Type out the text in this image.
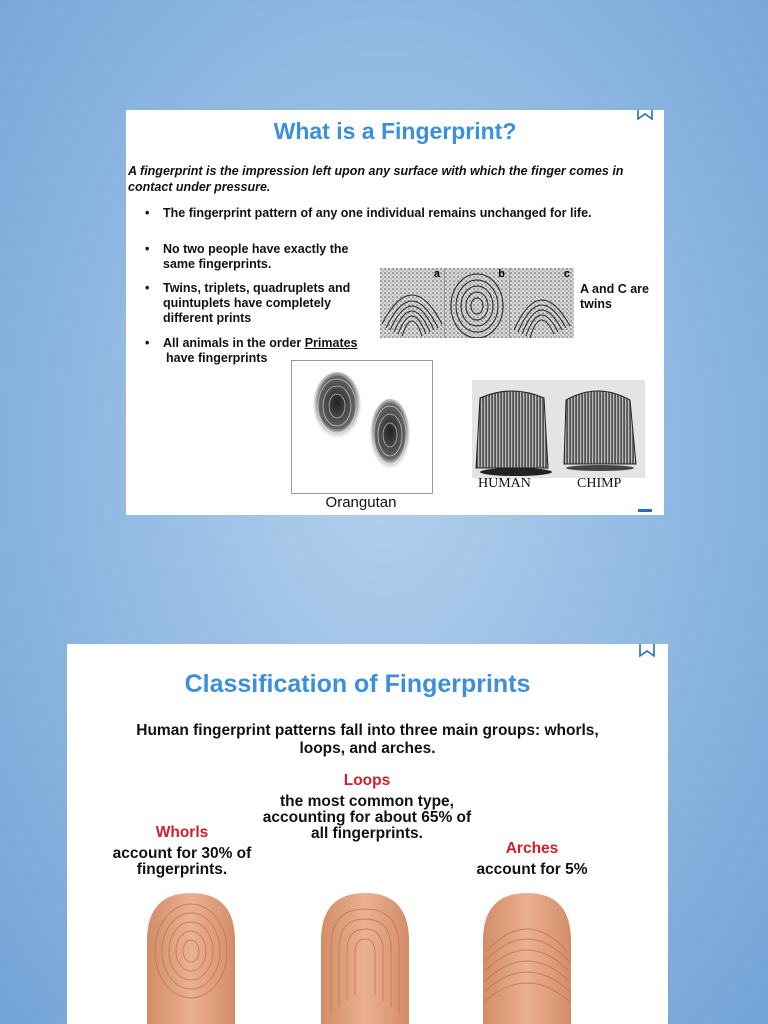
What is a Fingerprint?
A fingerprint is the impression left upon any surface with which the finger comes in contact under pressure.
• The fingerprint pattern of any one individual remains unchanged for life.
• No two people have exactly the same fingerprints.
• Twins, triplets, quadruplets and quintuplets have completely different prints
• All animals in the order Primates
have fingerprints
a	b	c
A and C are twins
Orangutan
HUMAN	CHIMP
Classification of Fingerprints
Human fingerprint patterns fall into three main groups: whorls, loops, and arches.
Loops
the most common type, accounting for about 65% of all fingerprints.
Whorls
account for 30% of fingerprints.
Arches
account for 5%
